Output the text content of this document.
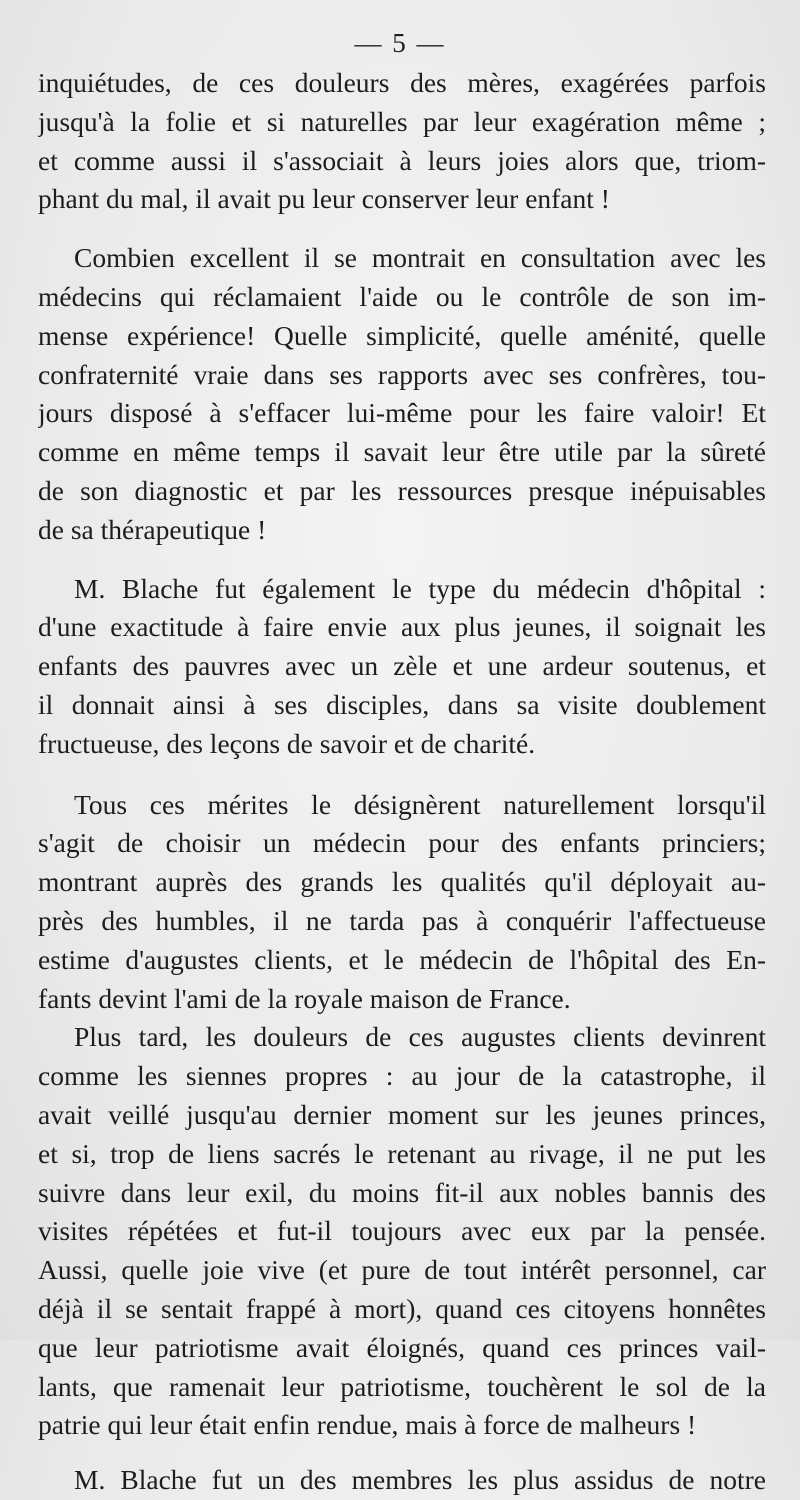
— 5 —
inquiétudes, de ces douleurs des mères, exagérées parfois
jusqu'à la folie et si naturelles par leur exagération même ;
et comme aussi il s'associait à leurs joies alors que, triom-
phant du mal, il avait pu leur conserver leur enfant !
Combien excellent il se montrait en consultation avec les
médecins qui réclamaient l'aide ou le contrôle de son im-
mense expérience! Quelle simplicité, quelle aménité, quelle
confraternité vraie dans ses rapports avec ses confrères, tou-
jours disposé à s'effacer lui-même pour les faire valoir! Et
comme en même temps il savait leur être utile par la sûreté
de son diagnostic et par les ressources presque inépuisables
de sa thérapeutique !
M. Blache fut également le type du médecin d'hôpital :
d'une exactitude à faire envie aux plus jeunes, il soignait les
enfants des pauvres avec un zèle et une ardeur soutenus, et
il donnait ainsi à ses disciples, dans sa visite doublement
fructueuse, des leçons de savoir et de charité.
Tous ces mérites le désignèrent naturellement lorsqu'il
s'agit de choisir un médecin pour des enfants princiers;
montrant auprès des grands les qualités qu'il déployait au-
près des humbles, il ne tarda pas à conquérir l'affectueuse
estime d'augustes clients, et le médecin de l'hôpital des En-
fants devint l'ami de la royale maison de France.
Plus tard, les douleurs de ces augustes clients devinrent
comme les siennes propres : au jour de la catastrophe, il
avait veillé jusqu'au dernier moment sur les jeunes princes,
et si, trop de liens sacrés le retenant au rivage, il ne put les
suivre dans leur exil, du moins fit-il aux nobles bannis des
visites répétées et fut-il toujours avec eux par la pensée.
Aussi, quelle joie vive (et pure de tout intérêt personnel, car
déjà il se sentait frappé à mort), quand ces citoyens honnêtes
que leur patriotisme avait éloignés, quand ces princes vail-
lants, que ramenait leur patriotisme, touchèrent le sol de la
patrie qui leur était enfin rendue, mais à force de malheurs !
M. Blache fut un des membres les plus assidus de notre
